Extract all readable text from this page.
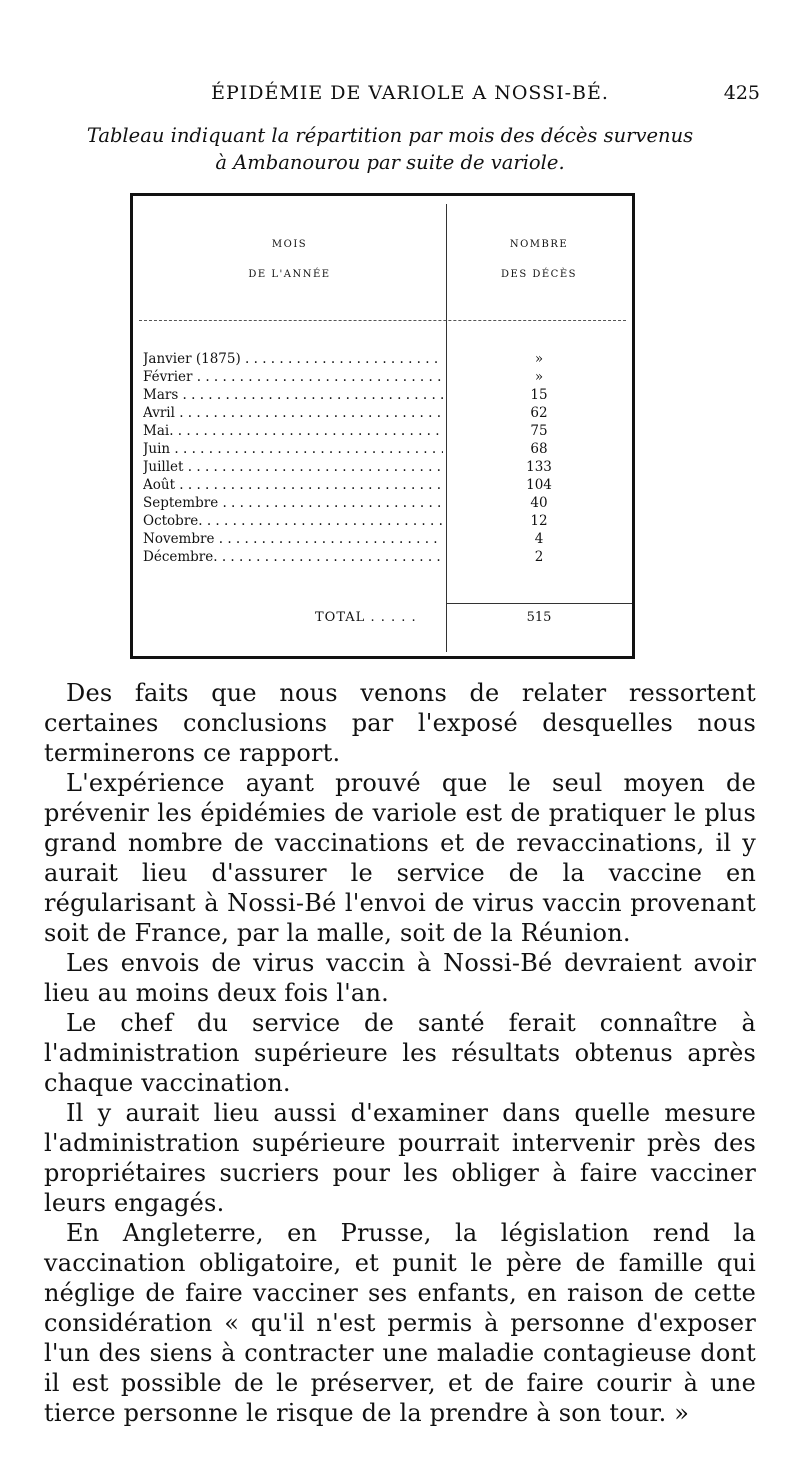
ÉPIDÉMIE DE VARIOLE A NOSSI-BÉ.	425
Tableau indiquant la répartition par mois des décès survenus
à Ambanourou par suite de variole.
MOIS
DE L'ANNÉE
NOMBRE
DES DÉCÈS
Janvier (1875) . . .	»
Février . . .	»
Mars . . .	15
Avril . . .	62
Mai. . . .	75
Juin . . .	68
Juillet . . .	133
Août . . .	104
Septembre . . .	40
Octobre. . . .	12
Novembre . . .	4
Décembre. . . .	2
TOTAL . . .	515

Des faits que nous venons de relater ressortent certaines conclusions par l'exposé desquelles nous terminerons ce rapport.

L'expérience ayant prouvé que le seul moyen de prévenir les épidémies de variole est de pratiquer le plus grand nombre de vaccinations et de revaccinations, il y aurait lieu d'assurer le service de la vaccine en régularisant à Nossi-Bé l'envoi de virus vaccin provenant soit de France, par la malle, soit de la Réunion.

Les envois de virus vaccin à Nossi-Bé devraient avoir lieu au moins deux fois l'an.

Le chef du service de santé ferait connaître à l'administration supérieure les résultats obtenus après chaque vaccination.

Il y aurait lieu aussi d'examiner dans quelle mesure l'administration supérieure pourrait intervenir près des propriétaires sucriers pour les obliger à faire vacciner leurs engagés.

En Angleterre, en Prusse, la législation rend la vaccination obligatoire, et punit le père de famille qui néglige de faire vacciner ses enfants, en raison de cette considération « qu'il n'est permis à personne d'exposer l'un des siens à contracter une maladie contagieuse dont il est possible de le préserver, et de faire courir à une tierce personne le risque de la prendre à son tour. »
